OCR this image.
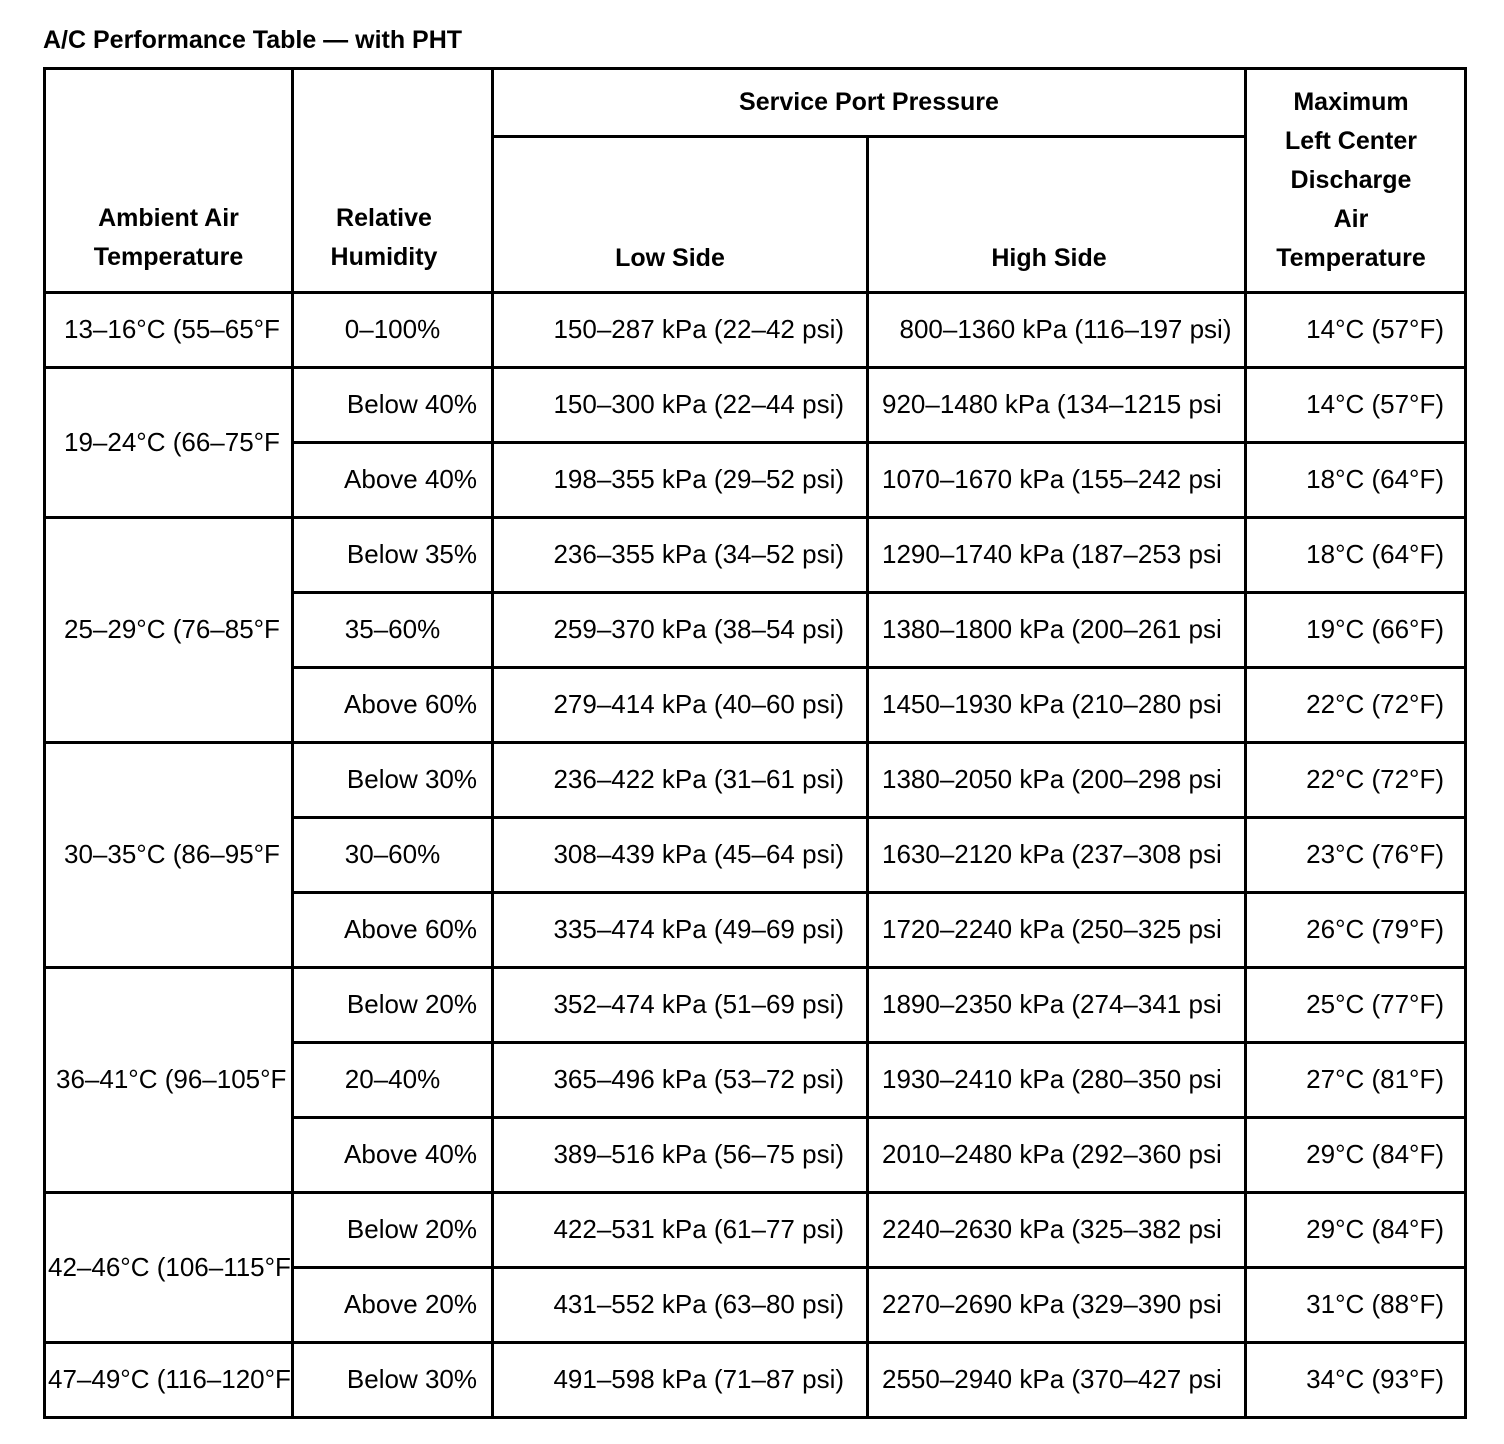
A/C Performance Table — with PHT
Ambient Air
Temperature
Relative
Humidity
Service Port Pressure
Low Side	High Side
Maximum
Left Center
Discharge
Air
Temperature
13–16°C (55–65°F	0–100%	150–287 kPa (22–42 psi)	800–1360 kPa (116–197 psi)	14°C (57°F)
19–24°C (66–75°F
Below 40%	150–300 kPa (22–44 psi)	920–1480 kPa (134–1215 psi	14°C (57°F)
Above 40%	198–355 kPa (29–52 psi)	1070–1670 kPa (155–242 psi	18°C (64°F)
25–29°C (76–85°F
Below 35%	236–355 kPa (34–52 psi)	1290–1740 kPa (187–253 psi	18°C (64°F)
35–60%	259–370 kPa (38–54 psi)	1380–1800 kPa (200–261 psi	19°C (66°F)
Above 60%	279–414 kPa (40–60 psi)	1450–1930 kPa (210–280 psi	22°C (72°F)
30–35°C (86–95°F
Below 30%	236–422 kPa (31–61 psi)	1380–2050 kPa (200–298 psi	22°C (72°F)
30–60%	308–439 kPa (45–64 psi)	1630–2120 kPa (237–308 psi	23°C (76°F)
Above 60%	335–474 kPa (49–69 psi)	1720–2240 kPa (250–325 psi	26°C (79°F)
36–41°C (96–105°F
Below 20%	352–474 kPa (51–69 psi)	1890–2350 kPa (274–341 psi	25°C (77°F)
20–40%	365–496 kPa (53–72 psi)	1930–2410 kPa (280–350 psi	27°C (81°F)
Above 40%	389–516 kPa (56–75 psi)	2010–2480 kPa (292–360 psi	29°C (84°F)
42–46°C (106–115°F
Below 20%	422–531 kPa (61–77 psi)	2240–2630 kPa (325–382 psi	29°C (84°F)
Above 20%	431–552 kPa (63–80 psi)	2270–2690 kPa (329–390 psi	31°C (88°F)
47–49°C (116–120°F	Below 30%	491–598 kPa (71–87 psi)	2550–2940 kPa (370–427 psi	34°C (93°F)
